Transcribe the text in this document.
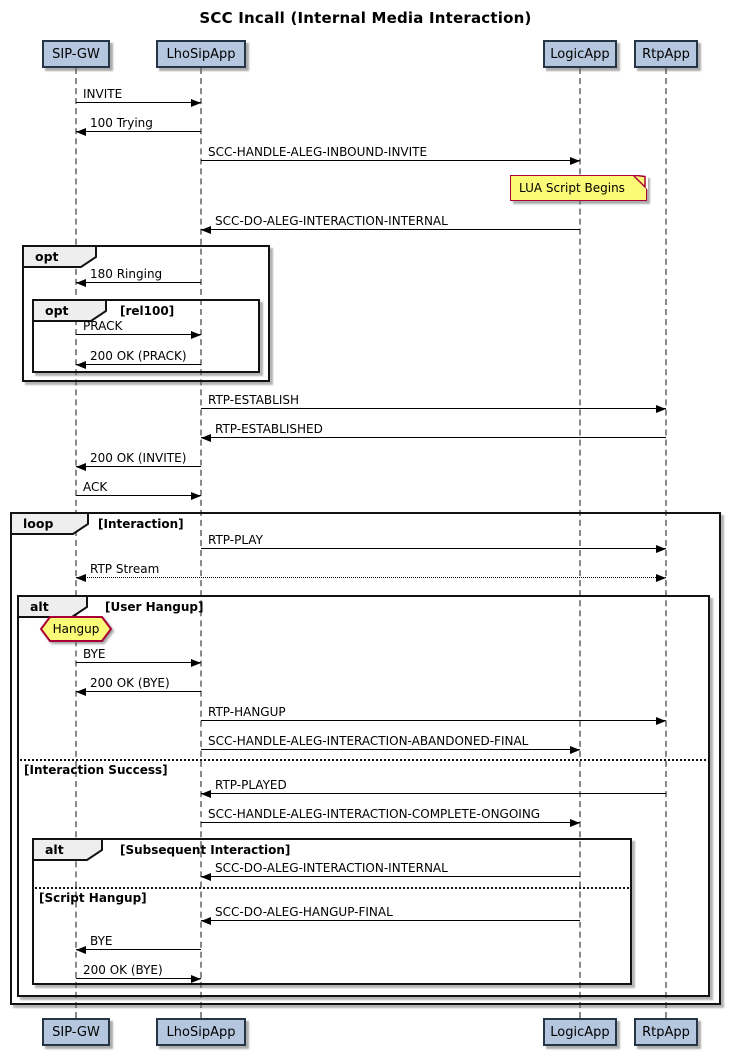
SCC Incall (Internal Media Interaction)
SIP-GW	LhoSipApp	LogicApp	RtpApp
SIP-GW	LhoSipApp	LogicApp	RtpApp
opt
opt	[rel100]
loop	[Interaction]
alt	[User Hangup]
alt	[Subsequent Interaction]
[Interaction Success]
[Script Hangup]
LUA Script Begins
Hangup
INVITE
100 Trying
SCC-HANDLE-ALEG-INBOUND-INVITE
SCC-DO-ALEG-INTERACTION-INTERNAL
180 Ringing
PRACK
200 OK (PRACK)
RTP-ESTABLISH
RTP-ESTABLISHED
200 OK (INVITE)
ACK
RTP-PLAY
RTP Stream
BYE
200 OK (BYE)
RTP-HANGUP
SCC-HANDLE-ALEG-INTERACTION-ABANDONED-FINAL
RTP-PLAYED
SCC-HANDLE-ALEG-INTERACTION-COMPLETE-ONGOING
SCC-DO-ALEG-INTERACTION-INTERNAL
SCC-DO-ALEG-HANGUP-FINAL
BYE
200 OK (BYE)
